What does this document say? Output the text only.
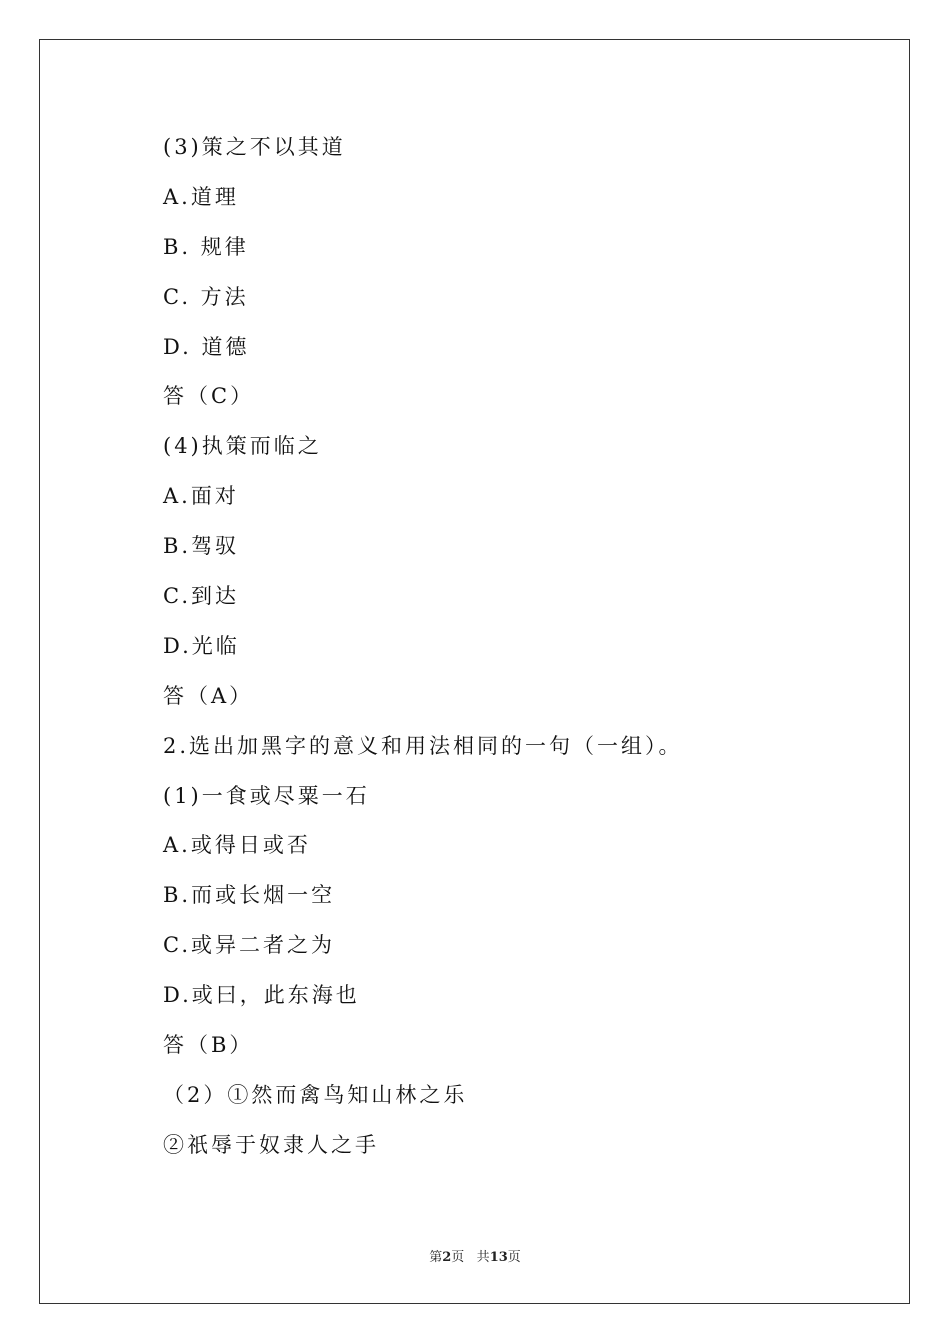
(3)策之不以其道
A.道理
B. 规律
C. 方法
D. 道德
答（C）
(4)执策而临之
A.面对
B.驾驭
C.到达
D.光临
答（A）
2.选出加黑字的意义和用法相同的一句（一组）。
(1)一食或尽粟一石
A.或得日或否
B.而或长烟一空
C.或异二者之为
D.或曰，此东海也
答（B）
（2）①然而禽鸟知山林之乐
②祇辱于奴隶人之手
第2页 共13页
